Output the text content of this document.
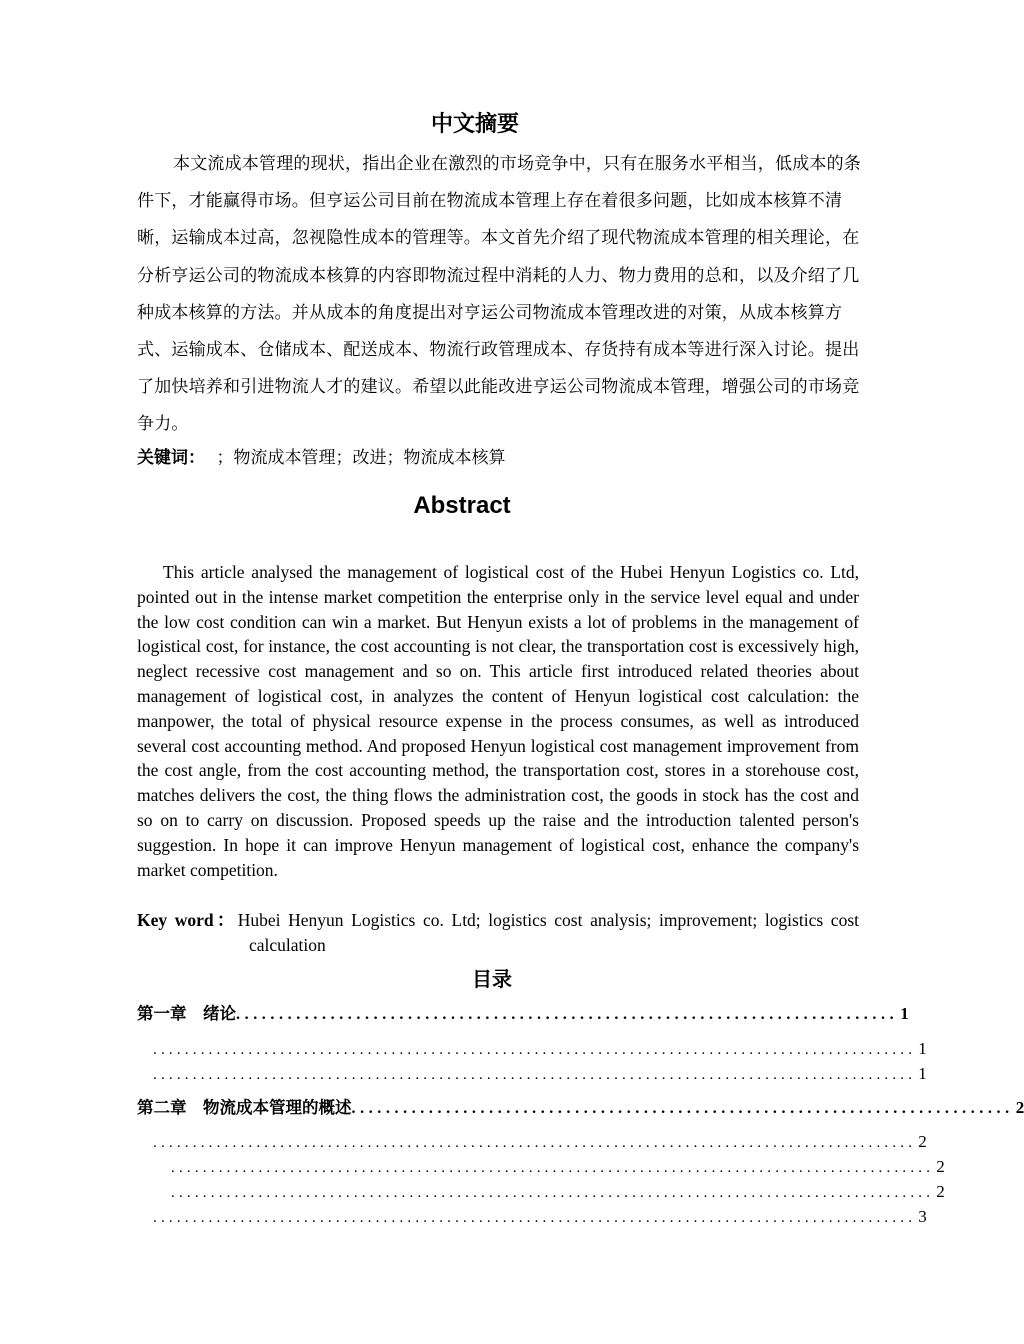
中文摘要

本文流成本管理的现状，指出企业在激烈的市场竞争中，只有在服务水平相当，低成本的条件下，才能赢得市场。但亨运公司目前在物流成本管理上存在着很多问题，比如成本核算不清晰，运输成本过高，忽视隐性成本的管理等。本文首先介绍了现代物流成本管理的相关理论，在分析亨运公司的物流成本核算的内容即物流过程中消耗的人力、物力费用的总和，以及介绍了几种成本核算的方法。并从成本的角度提出对亨运公司物流成本管理改进的对策，从成本核算方式、运输成本、仓储成本、配送成本、物流行政管理成本、存货持有成本等进行深入讨论。提出了加快培养和引进物流人才的建议。希望以此能改进亨运公司物流成本管理，增强公司的市场竞争力。

关键词： ；物流成本管理；改进；物流成本核算
Abstract

This article analysed the management of logistical cost of the Hubei Henyun Logistics co. Ltd, pointed out in the intense market competition the enterprise only in the service level equal and under the low cost condition can win a market. But Henyun exists a lot of problems in the management of logistical cost, for instance, the cost accounting is not clear, the transportation cost is excessively high, neglect recessive cost management and so on. This article first introduced related theories about management of logistical cost, in analyzes the content of Henyun logistical cost calculation: the manpower, the total of physical resource expense in the process consumes, as well as introduced several cost accounting method. And proposed Henyun logistical cost management improvement from the cost angle, from the cost accounting method, the transportation cost, stores in a storehouse cost, matches delivers the cost, the thing flows the administration cost, the goods in stock has the cost and so on to carry on discussion. Proposed speeds up the raise and the introduction talented person's suggestion. In hope it can improve Henyun management of logistical cost, enhance the company's market competition.

Key word：Hubei Henyun Logistics co. Ltd; logistics cost analysis; improvement; logistics cost calculation
目录
第一章　绪论 ............................................................................. 1
................................................................................................ 1
................................................................................................ 1
第二章　物流成本管理的概述 ............................................................................. 2
................................................................................................ 2
................................................................................................ 2
................................................................................................ 2
................................................................................................ 3
